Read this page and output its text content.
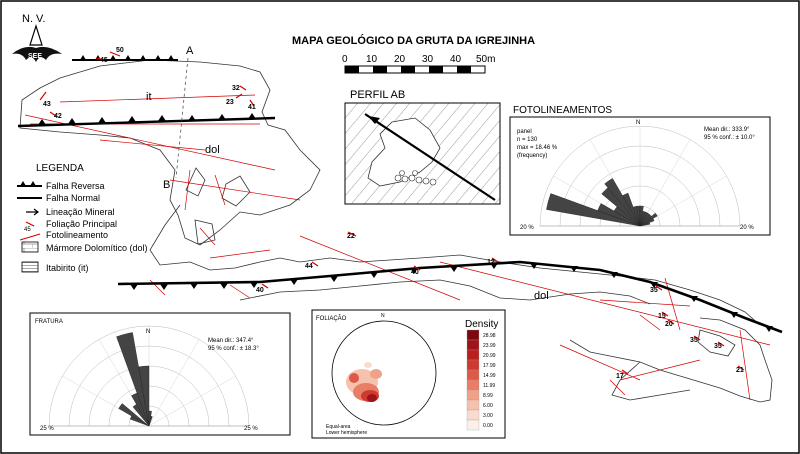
A
B
it
dol
dol
50
45
43
42
32
23
41
22
44
40
40
12
35
15
20
35
35
21
17
N. V.
SEE
MAPA GEOLÓGICO DA GRUTA DA IGREJINHA
0 10 20 30 40 50m
PERFIL AB
LEGENDA
Falha Reversa
Falha Normal
Lineação Mineral
45
Foliação Principal
Fotolineamento
Mármore Dolomítico (dol)
Itabirito (it)
FOTOLINEAMENTOS
N
panel
n = 130
max = 18.46 %
(frequency)
Mean dir.: 333.9°
95 % conf.: ± 10.0°
20 %	20 %
FRATURA
N
Mean dir.: 347.4°
95 % conf.: ± 18.3°
25 %	25 %
FOLIAÇÃO	N
Equal-area
Lower hemisphere
Density
28.98
23.99
20.99
17.99
14.99
11.99
8.99
6.00
3.00
0.00
